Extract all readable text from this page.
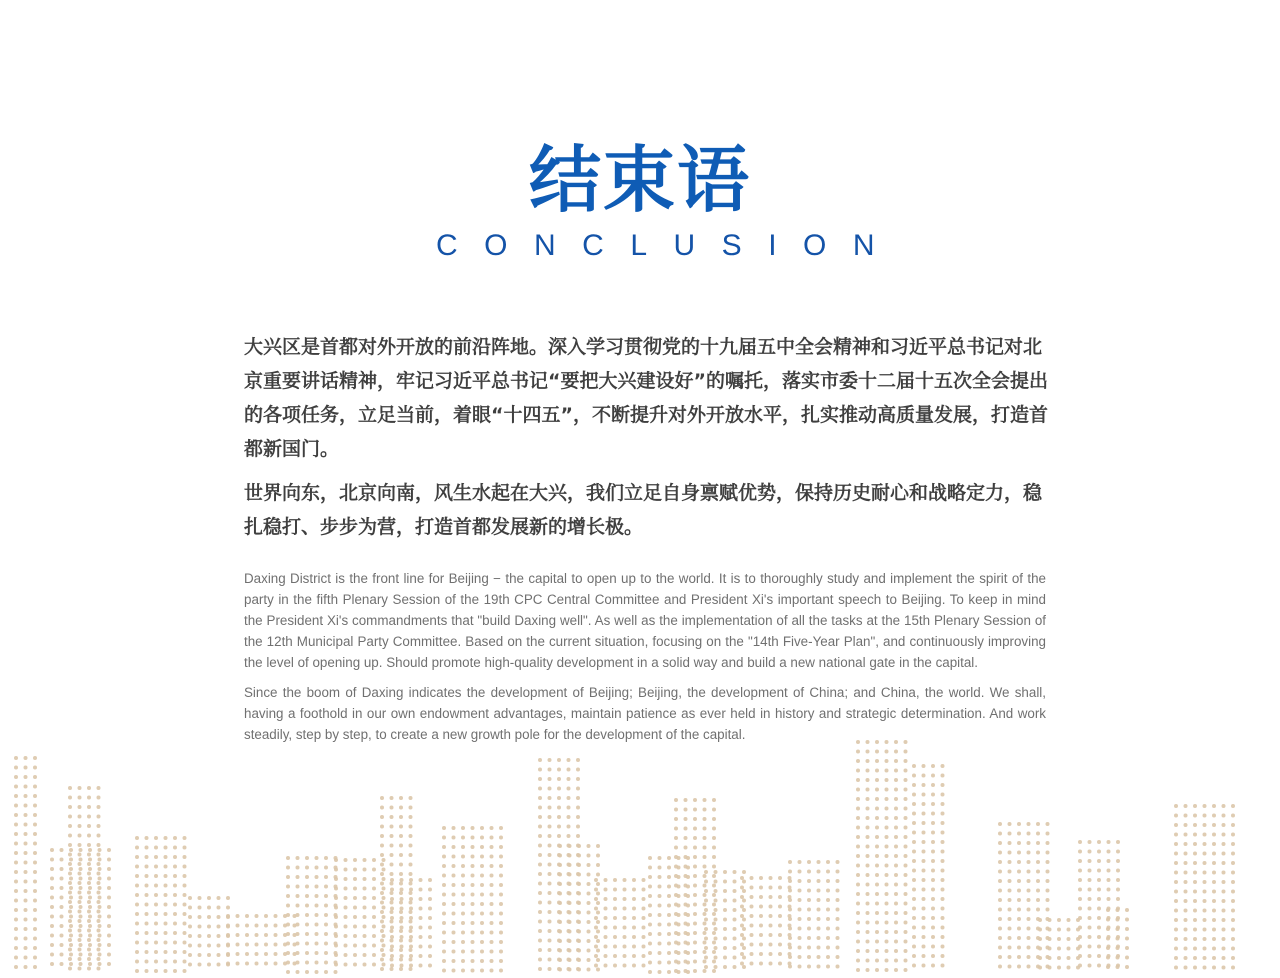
结束语
CONCLUSION

大兴区是首都对外开放的前沿阵地。深入学习贯彻党的十九届五中全会精神和习近平总书记对北京重要讲话精神，牢记习近平总书记“要把大兴建设好”的嘱托，落实市委十二届十五次全会提出的各项任务，立足当前，着眼“十四五”，不断提升对外开放水平，扎实推动高质量发展，打造首都新国门。

世界向东，北京向南，风生水起在大兴，我们立足自身禀赋优势，保持历史耐心和战略定力，稳扎稳打、步步为营，打造首都发展新的增长极。

Daxing District is the front line for Beijing − the capital to open up to the world. It is to thoroughly study and implement the spirit of the party in the fifth Plenary Session of the 19th CPC Central Committee and President Xi's important speech to Beijing. To keep in mind the President Xi's commandments that "build Daxing well". As well as the implementation of all the tasks at the 15th Plenary Session of the 12th Municipal Party Committee. Based on the current situation, focusing on the "14th Five-Year Plan", and continuously improving the level of opening up. Should promote high-quality development in a solid way and build a new national gate in the capital.

Since the boom of Daxing indicates the development of Beijing; Beijing, the development of China; and China, the world. We shall, having a foothold in our own endowment advantages, maintain patience as ever held in history and strategic determination. And work steadily, step by step, to create a new growth pole for the development of the capital.
